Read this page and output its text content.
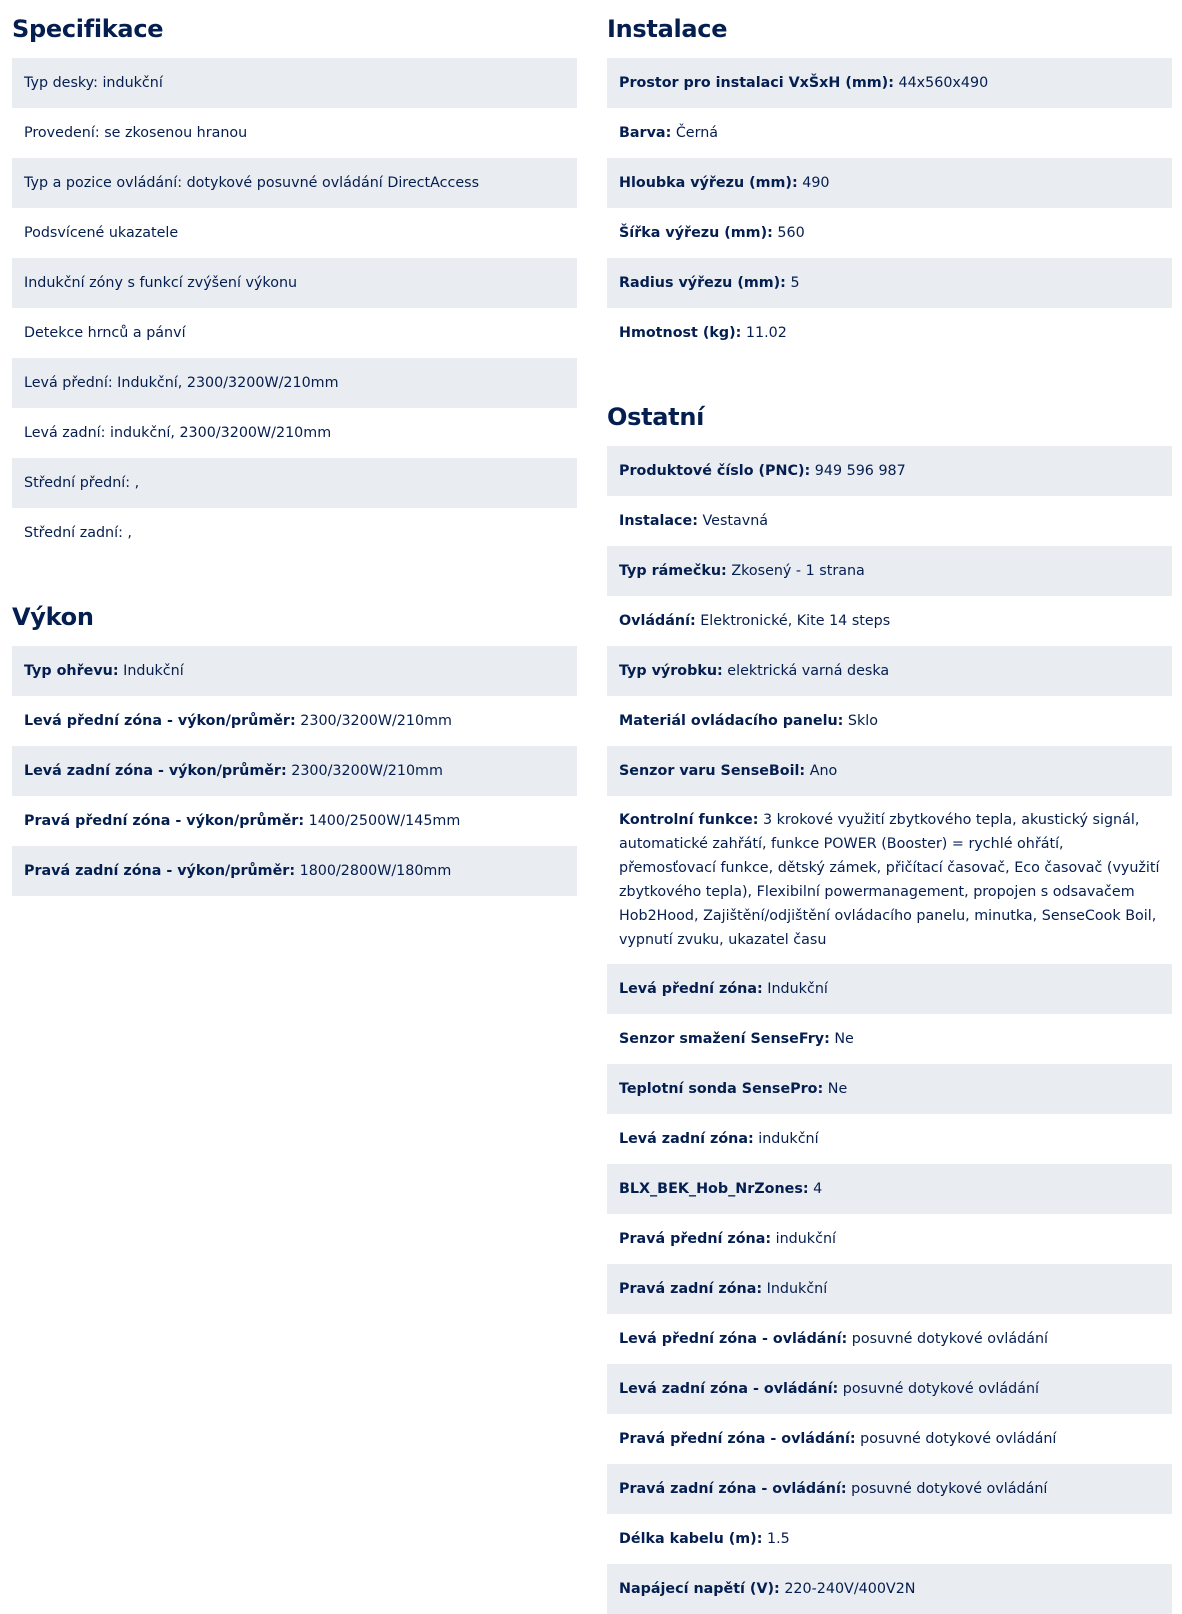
Specifikace
Typ desky: indukční
Provedení: se zkosenou hranou
Typ a pozice ovládání: dotykové posuvné ovládání DirectAccess
Podsvícené ukazatele
Indukční zóny s funkcí zvýšení výkonu
Detekce hrnců a pánví
Levá přední: Indukční, 2300/3200W/210mm
Levá zadní: indukční, 2300/3200W/210mm
Střední přední: ,
Střední zadní: ,
Výkon
Typ ohřevu: Indukční
Levá přední zóna - výkon/průměr: 2300/3200W/210mm
Levá zadní zóna - výkon/průměr: 2300/3200W/210mm
Pravá přední zóna - výkon/průměr: 1400/2500W/145mm
Pravá zadní zóna - výkon/průměr: 1800/2800W/180mm
Instalace
Prostor pro instalaci VxŠxH (mm): 44x560x490
Barva: Černá
Hloubka výřezu (mm): 490
Šířka výřezu (mm): 560
Radius výřezu (mm): 5
Hmotnost (kg): 11.02
Ostatní
Produktové číslo (PNC): 949 596 987
Instalace: Vestavná
Typ rámečku: Zkosený - 1 strana
Ovládání: Elektronické, Kite 14 steps
Typ výrobku: elektrická varná deska
Materiál ovládacího panelu: Sklo
Senzor varu SenseBoil: Ano
Kontrolní funkce: 3 krokové využití zbytkového tepla, akustický signál, automatické zahřátí, funkce POWER (Booster) = rychlé ohřátí, přemosťovací funkce, dětský zámek, přičítací časovač, Eco časovač (využití zbytkového tepla), Flexibilní powermanagement, propojen s odsavačem Hob2Hood, Zajištění/odjištění ovládacího panelu, minutka, SenseCook Boil, vypnutí zvuku, ukazatel času
Levá přední zóna: Indukční
Senzor smažení SenseFry: Ne
Teplotní sonda SensePro: Ne
Levá zadní zóna: indukční
BLX_BEK_Hob_NrZones: 4
Pravá přední zóna: indukční
Pravá zadní zóna: Indukční
Levá přední zóna - ovládání: posuvné dotykové ovládání
Levá zadní zóna - ovládání: posuvné dotykové ovládání
Pravá přední zóna - ovládání: posuvné dotykové ovládání
Pravá zadní zóna - ovládání: posuvné dotykové ovládání
Délka kabelu (m): 1.5
Napájecí napětí (V): 220-240V/400V2N
